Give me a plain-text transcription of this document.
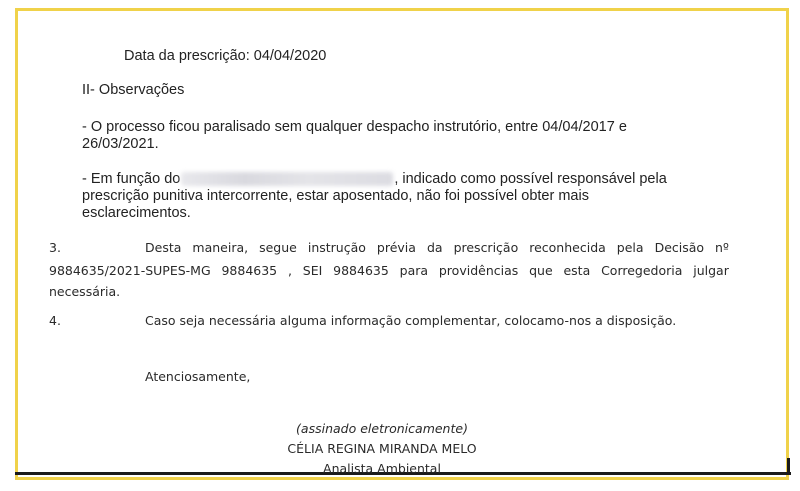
Data da prescrição: 04/04/2020
II- Observações
- O processo ficou paralisado sem qualquer despacho instrutório, entre 04/04/2017 e
26/03/2021.
- Em função do	, indicado como possível responsável pela
prescrição punitiva intercorrente, estar aposentado, não foi possível obter mais
esclarecimentos.
3.	Desta maneira, segue instrução prévia da prescrição reconhecida pela Decisão nº
9884635/2021-SUPES-MG 9884635 , SEI 9884635 para providências que esta Corregedoria julgar
necessária.
4.	Caso seja necessária alguma informação complementar, colocamo-nos a disposição.
Atenciosamente,
(assinado eletronicamente)
CÉLIA REGINA MIRANDA MELO
Analista Ambiental
